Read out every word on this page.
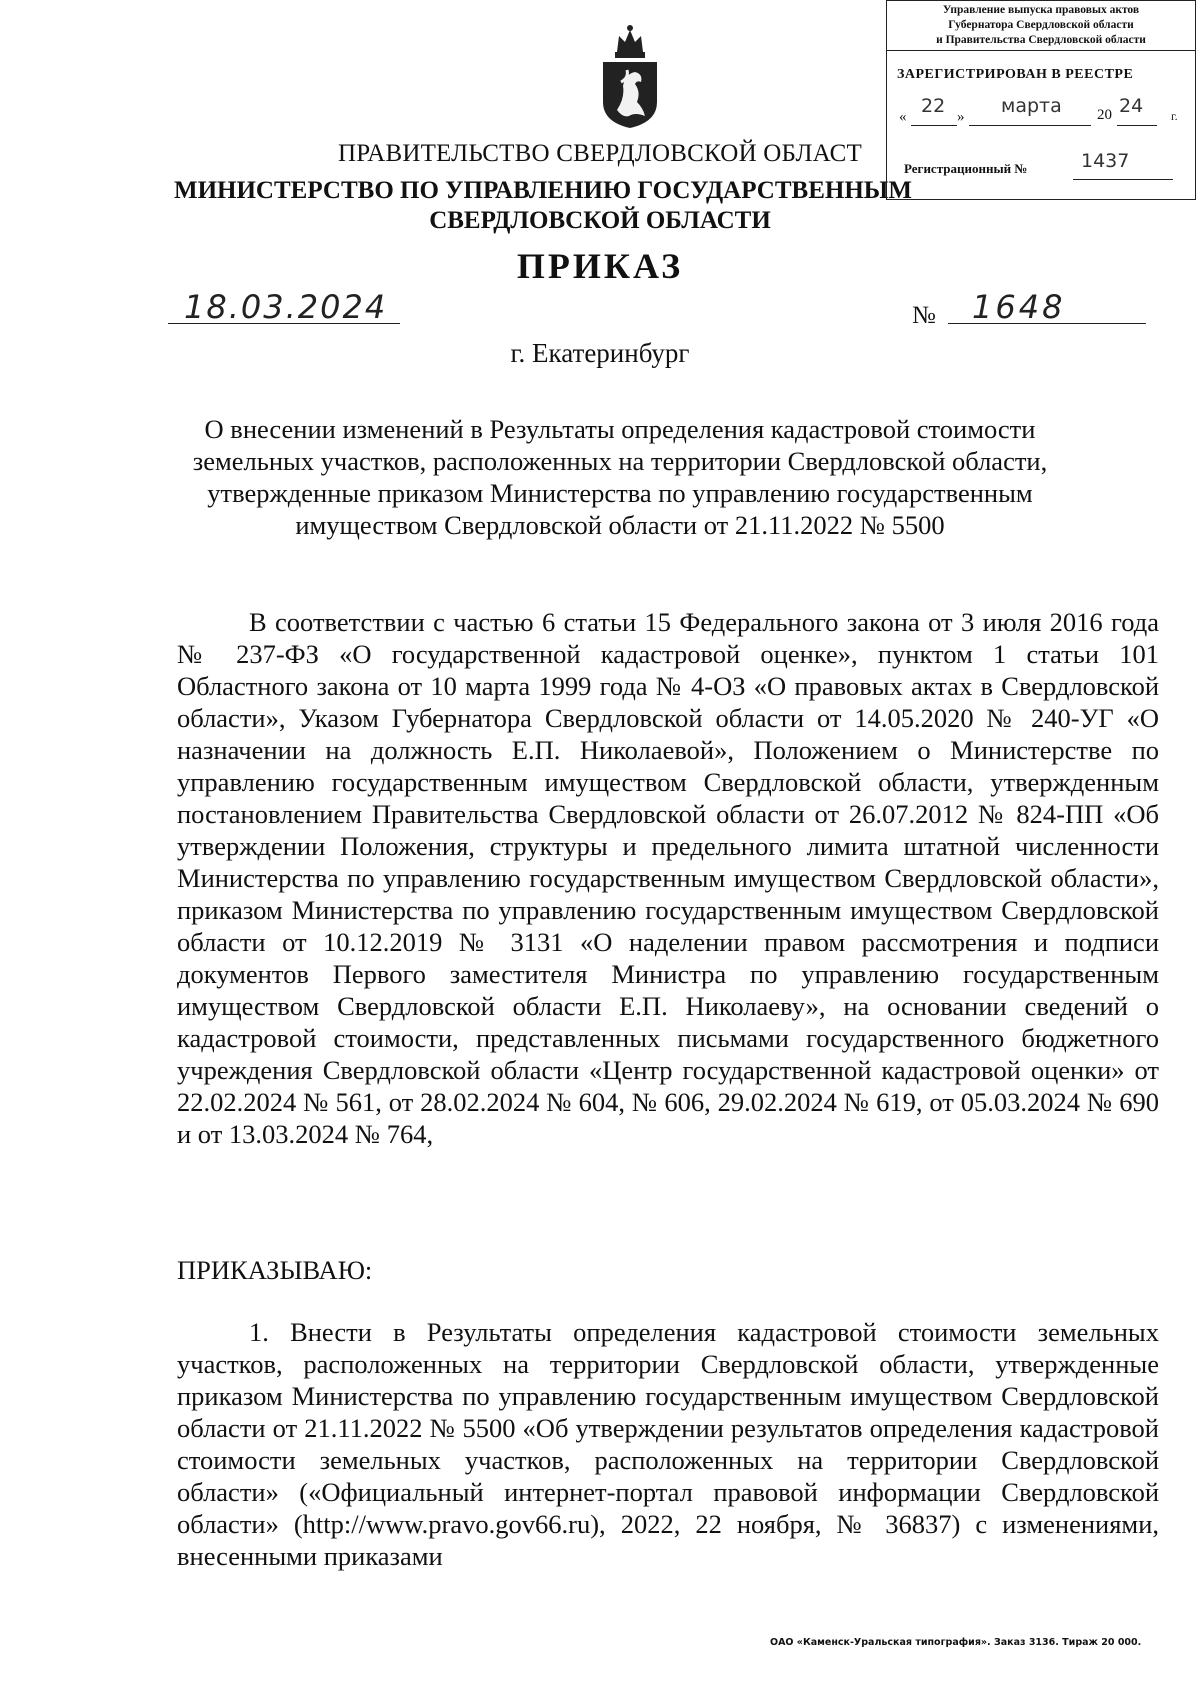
Управление выпуска правовых актов
Губернатора Свердловской области
и Правительства Свердловской области
ЗАРЕГИСТРИРОВАН В РЕЕСТРЕ
« 22 » марта 20 24 г.
Регистрационный №	1437
ПРАВИТЕЛЬСТВО СВЕРДЛОВСКОЙ ОБЛАСТ
МИНИСТЕРСТВО ПО УПРАВЛЕНИЮ ГОСУДАРСТВЕННЫМ
СВЕРДЛОВСКОЙ ОБЛАСТИ
ПРИКАЗ
18.03.2024	№ 1648
г. Екатеринбург
О внесении изменений в Результаты определения кадастровой стоимости земельных участков, расположенных на территории Свердловской области, утвержденные приказом Министерства по управлению государственным имуществом Свердловской области от 21.11.2022 № 5500
В соответствии с частью 6 статьи 15 Федерального закона от 3 июля 2016 года № 237-ФЗ «О государственной кадастровой оценке», пунктом 1 статьи 101 Областного закона от 10 марта 1999 года № 4-ОЗ «О правовых актах в Свердловской области», Указом Губернатора Свердловской области от 14.05.2020 № 240-УГ «О назначении на должность Е.П. Николаевой», Положением о Министерстве по управлению государственным имуществом Свердловской области, утвержденным постановлением Правительства Свердловской области от 26.07.2012 № 824-ПП «Об утверждении Положения, структуры и предельного лимита штатной численности Министерства по управлению государственным имуществом Свердловской области», приказом Министерства по управлению государственным имуществом Свердловской области от 10.12.2019 № 3131 «О наделении правом рассмотрения и подписи документов Первого заместителя Министра по управлению государственным имуществом Свердловской области Е.П. Николаеву», на основании сведений о кадастровой стоимости, представленных письмами государственного бюджетного учреждения Свердловской области «Центр государственной кадастровой оценки» от 22.02.2024 № 561, от 28.02.2024 № 604, № 606, 29.02.2024 № 619, от 05.03.2024 № 690 и от 13.03.2024 № 764,
ПРИКАЗЫВАЮ:
1. Внести в Результаты определения кадастровой стоимости земельных участков, расположенных на территории Свердловской области, утвержденные приказом Министерства по управлению государственным имуществом Свердловской области от 21.11.2022 № 5500 «Об утверждении результатов определения кадастровой стоимости земельных участков, расположенных на территории Свердловской области» («Официальный интернет-портал правовой информации Свердловской области» (http://www.pravo.gov66.ru), 2022, 22 ноября, № 36837) с изменениями, внесенными приказами
ОАО «Каменск-Уральская типография». Заказ 3136. Тираж 20 000.
